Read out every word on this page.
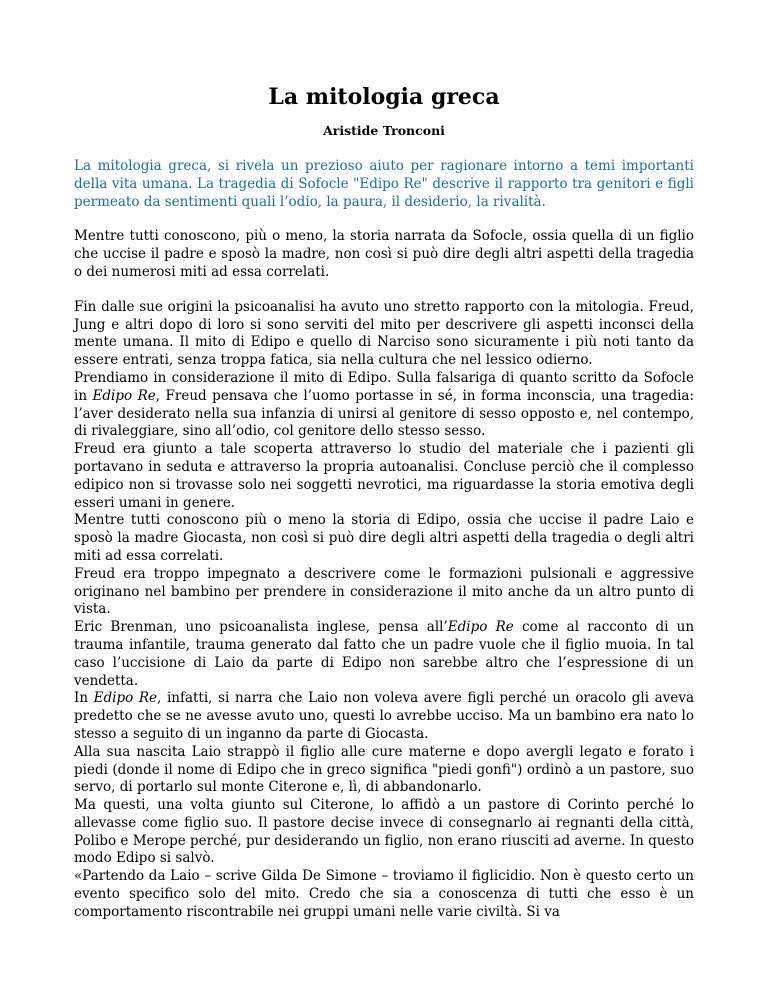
La mitologia greca
Aristide Tronconi

La mitologia greca, si rivela un prezioso aiuto per ragionare intorno a temi importanti della vita umana. La tragedia di Sofocle "Edipo Re" descrive il rapporto tra genitori e figli permeato da sentimenti quali l’odio, la paura, il desiderio, la rivalità.

Mentre tutti conoscono, più o meno, la storia narrata da Sofocle, ossia quella di un figlio che uccise il padre e sposò la madre, non così si può dire degli altri aspetti della tragedia o dei numerosi miti ad essa correlati.

Fin dalle sue origini la psicoanalisi ha avuto uno stretto rapporto con la mitologia. Freud, Jung e altri dopo di loro si sono serviti del mito per descrivere gli aspetti inconsci della mente umana. Il mito di Edipo e quello di Narciso sono sicuramente i più noti tanto da essere entrati, senza troppa fatica, sia nella cultura che nel lessico odierno.

Prendiamo in considerazione il mito di Edipo. Sulla falsariga di quanto scritto da Sofocle in Edipo Re, Freud pensava che l’uomo portasse in sé, in forma inconscia, una tragedia: l’aver desiderato nella sua infanzia di unirsi al genitore di sesso opposto e, nel contempo, di rivaleggiare, sino all’odio, col genitore dello stesso sesso.

Freud era giunto a tale scoperta attraverso lo studio del materiale che i pazienti gli portavano in seduta e attraverso la propria autoanalisi. Concluse perciò che il complesso edipico non si trovasse solo nei soggetti nevrotici, ma riguardasse la storia emotiva degli esseri umani in genere.

Mentre tutti conoscono più o meno la storia di Edipo, ossia che uccise il padre Laio e sposò la madre Giocasta, non così si può dire degli altri aspetti della tragedia o degli altri miti ad essa correlati.

Freud era troppo impegnato a descrivere come le formazioni pulsionali e aggressive originano nel bambino per prendere in considerazione il mito anche da un altro punto di vista.

Eric Brenman, uno psicoanalista inglese, pensa all’Edipo Re come al racconto di un trauma infantile, trauma generato dal fatto che un padre vuole che il figlio muoia. In tal caso l’uccisione di Laio da parte di Edipo non sarebbe altro che l’espressione di un vendetta.

In Edipo Re, infatti, si narra che Laio non voleva avere figli perché un oracolo gli aveva predetto che se ne avesse avuto uno, questi lo avrebbe ucciso. Ma un bambino era nato lo stesso a seguito di un inganno da parte di Giocasta.

Alla sua nascita Laio strappò il figlio alle cure materne e dopo avergli legato e forato i piedi (donde il nome di Edipo che in greco significa "piedi gonfi") ordinò a un pastore, suo servo, di portarlo sul monte Citerone e, lì, di abbandonarlo.

Ma questi, una volta giunto sul Citerone, lo affidò a un pastore di Corinto perché lo allevasse come figlio suo. Il pastore decise invece di consegnarlo ai regnanti della città, Polibo e Merope perché, pur desiderando un figlio, non erano riusciti ad averne. In questo modo Edipo si salvò.

«Partendo da Laio – scrive Gilda De Simone – troviamo il figlicidio. Non è questo certo un evento specifico solo del mito. Credo che sia a conoscenza di tutti che esso è un comportamento riscontrabile nei gruppi umani nelle varie civiltà. Si va
